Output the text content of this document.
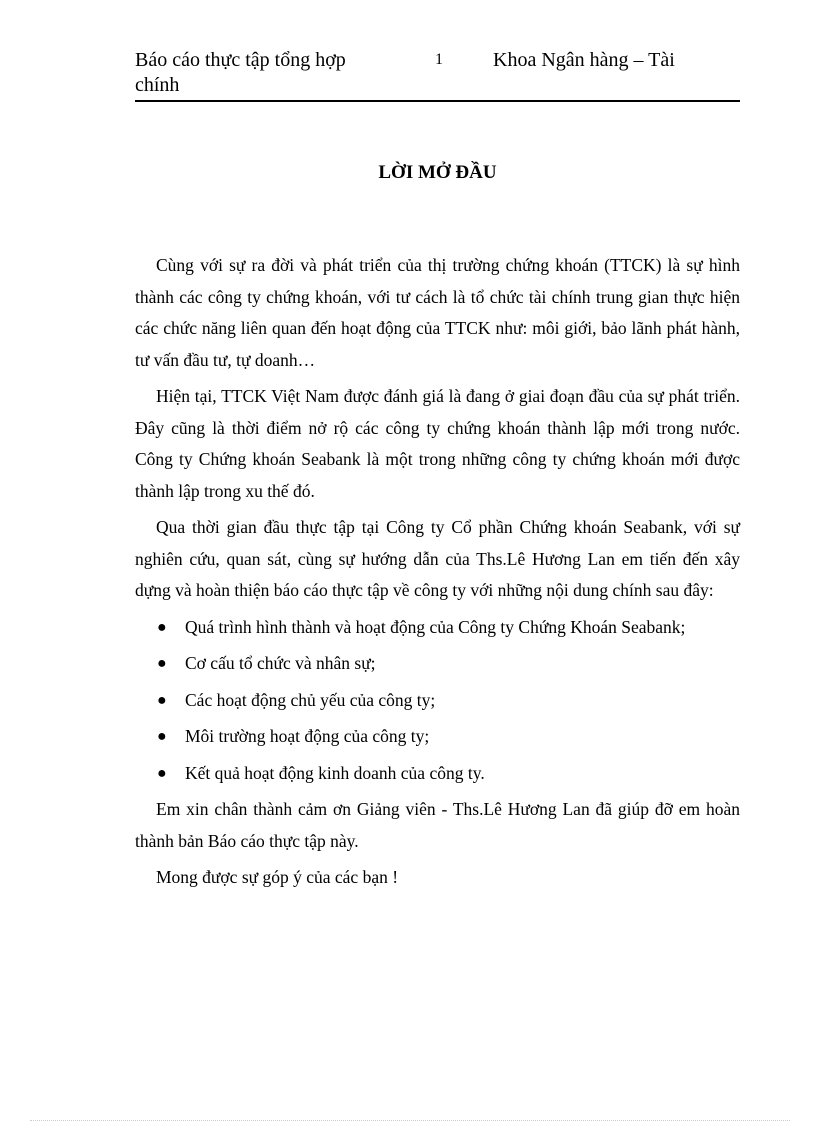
Báo cáo thực tập tổng hợp chính
1	Khoa Ngân hàng – Tài
LỜI MỞ ĐẦU

Cùng với sự ra đời và phát triển của thị trường chứng khoán (TTCK) là sự hình thành các công ty chứng khoán, với tư cách là tổ chức tài chính trung gian thực hiện các chức năng liên quan đến hoạt động của TTCK như: môi giới, bảo lãnh phát hành, tư vấn đầu tư, tự doanh…

Hiện tại, TTCK Việt Nam được đánh giá là đang ở giai đoạn đầu của sự phát triển. Đây cũng là thời điểm nở rộ các công ty chứng khoán thành lập mới trong nước. Công ty Chứng khoán Seabank là một trong những công ty chứng khoán mới được thành lập trong xu thế đó.

Qua thời gian đầu thực tập tại Công ty Cổ phần Chứng khoán Seabank, với sự nghiên cứu, quan sát, cùng sự hướng dẫn của Ths.Lê Hương Lan em tiến đến xây dựng và hoàn thiện báo cáo thực tập về công ty với những nội dung chính sau đây:

● Quá trình hình thành và hoạt động của Công ty Chứng Khoán Seabank;
● Cơ cấu tổ chức và nhân sự;
● Các hoạt động chủ yếu của công ty;
● Môi trường hoạt động của công ty;
● Kết quả hoạt động kinh doanh của công ty.

Em xin chân thành cảm ơn Giảng viên - Ths.Lê Hương Lan đã giúp đỡ em hoàn thành bản Báo cáo thực tập này.

Mong được sự góp ý của các bạn !
